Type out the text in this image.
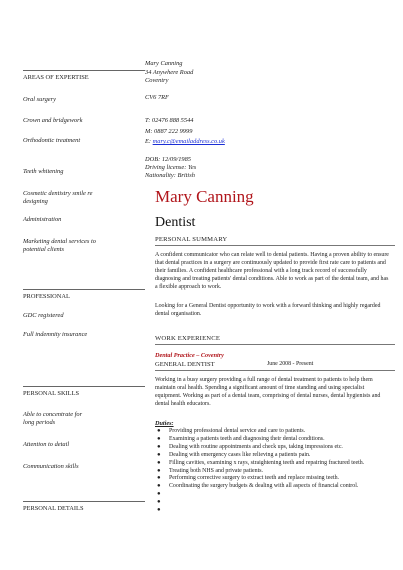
AREAS OF EXPERTISE
Oral surgery
Crown and bridgework
Orthodontic treatment
Teeth whitening
Cosmetic dentistry smile re designing
Administration
Marketing dental services to potential clients
PROFESSIONAL
GDC registered
Full indemnity insurance
PERSONAL SKILLS
Able to concentrate for long periods
Attention to detail
Communication skills
PERSONAL DETAILS
Mary Canning
34 Anywhere Road
Coventry
CV6 7RF
T: 02476 888 5544
M: 0887 222 9999
E: mary.c@emailaddress.co.uk
DOB: 12/09/1985
Driving license: Yes
Nationality: British
Mary Canning
Dentist
PERSONAL SUMMARY
A confident communicator who can relate well to dental patients. Having a proven ability to ensure that dental practices in a surgery are continuously updated to provide first rate care to patients and their families. A confident healthcare professional with a long track record of successfully diagnosing and treating patients' dental conditions. Able to work as part of the dental team, and has a flexible approach to work.
Looking for a General Dentist opportunity to work with a forward thinking and highly regarded dental organisation.
WORK EXPERIENCE
Dental Practice – Coventry
GENERAL DENTIST	June 2008 - Present
Working in a busy surgery providing a full range of dental treatment to patients to help them maintain oral health. Spending a significant amount of time standing and using specialist equipment. Working as part of a dental team, comprising of dental nurses, dental hygienists and dental health educators.
Duties:
● Providing professional dental service and care to patients.
● Examining a patients teeth and diagnosing their dental conditions.
● Dealing with routine appointments and check ups, taking impressions etc.
● Dealing with emergency cases like relieving a patients pain.
● Filling cavities, examining x rays, straightening teeth and repairing fractured teeth.
● Treating both NHS and private patients.
● Performing corrective surgery to extract teeth and replace missing teeth.
● Coordinating the surgery budgets & dealing with all aspects of financial control.
●

●

●
